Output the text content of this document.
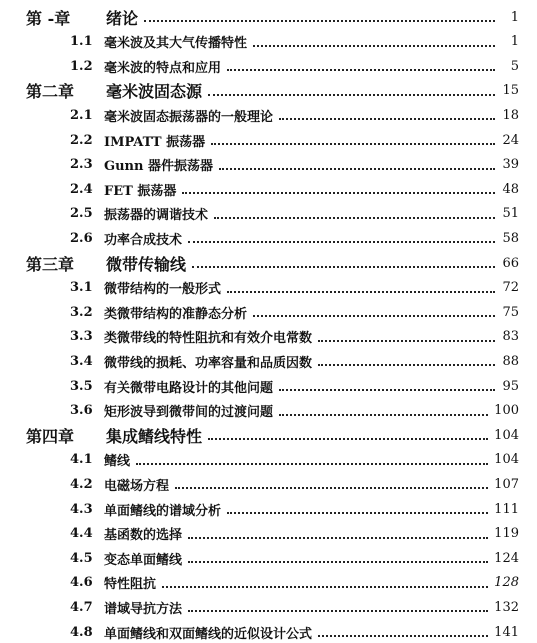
第 -章	绪论	1
1.1 毫米波及其大气传播特性	1
1.2 毫米波的特点和应用	5
第二章	毫米波固态源	15
2.1 毫米波固态振荡器的一般理论	18
2.2 IMPATT 振荡器	24
2.3 Gunn 器件振荡器	39
2.4 FET 振荡器	48
2.5 振荡器的调谐技术	51
2.6 功率合成技术	58
第三章	微带传输线	66
3.1 微带结构的一般形式	72
3.2 类微带结构的准静态分析	75
3.3 类微带线的特性阻抗和有效介电常数	83
3.4 微带线的损耗、功率容量和品质因数	88
3.5 有关微带电路设计的其他问题	95
3.6 矩形波导到微带间的过渡问题	100
第四章	集成鳍线特性	104
4.1 鳍线	104
4.2 电磁场方程	107
4.3 单面鳍线的谱域分析	111
4.4 基函数的选择	119
4.5 变态单面鳍线	124
4.6 特性阻抗	128
4.7 谱域导抗方法	132
4.8 单面鳍线和双面鳍线的近似设计公式	141
